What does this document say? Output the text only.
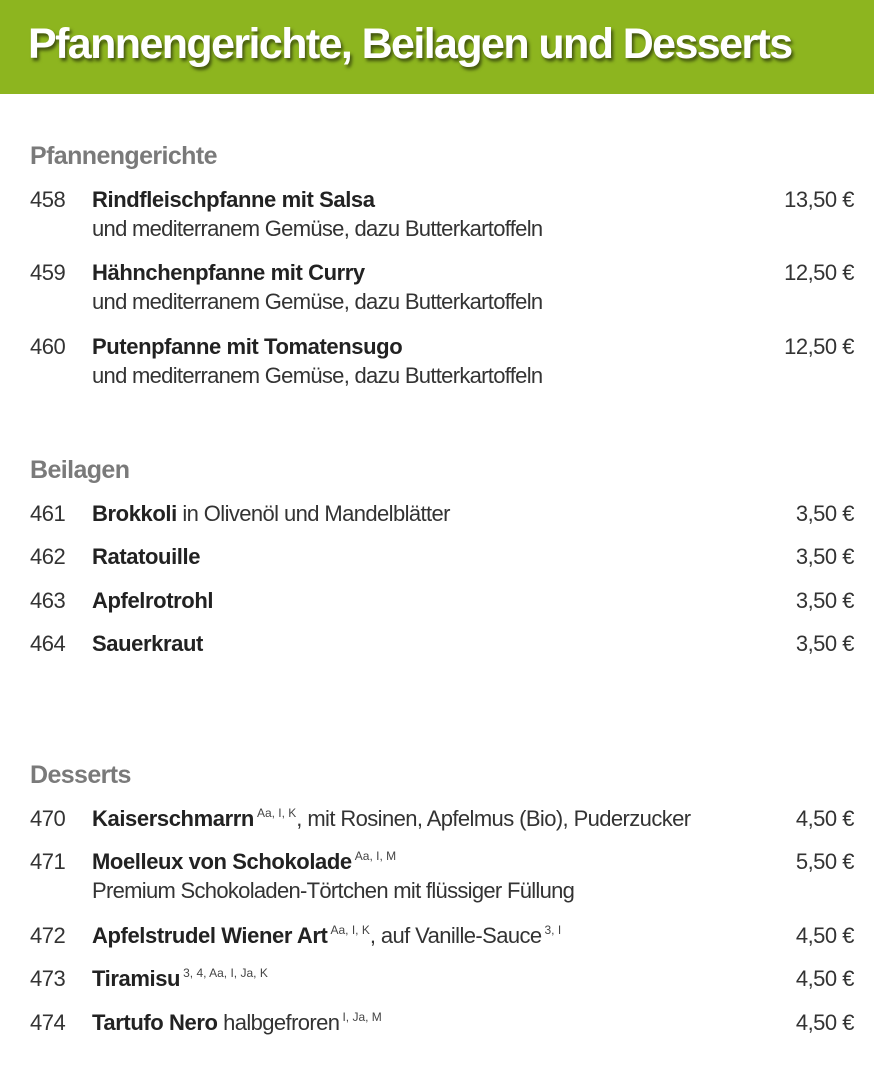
Pfannengerichte, Beilagen und Desserts
Pfannengerichte
458 Rindfleischpfanne mit Salsa
und mediterranem Gemüse, dazu Butterkartoffeln
13,50 €
459 Hähnchenpfanne mit Curry
und mediterranem Gemüse, dazu Butterkartoffeln
12,50 €
460 Putenpfanne mit Tomatensugo
und mediterranem Gemüse, dazu Butterkartoffeln
12,50 €
Beilagen
461 Brokkoli in Olivenöl und Mandelblätter	3,50 €
462 Ratatouille	3,50 €
463 Apfelrotrohl	3,50 €
464 Sauerkraut	3,50 €
Desserts
470 Kaiserschmarrn $^{Aa, I, K}$, mit Rosinen, Apfelmus (Bio), Puderzucker	4,50 €
471 Moelleux von Schokolade $^{Aa, I, M}$
Premium Schokoladen-Törtchen mit flüssiger Füllung
5,50 €
472 Apfelstrudel Wiener Art $^{Aa, I, K}$, auf Vanille-Sauce $^{3, I}$	4,50 €
473 Tiramisu $^{3, 4, Aa, I, Ja, K}$	4,50 €
474 Tartufo Nero halbgefroren $^{I, Ja, M}$	4,50 €
